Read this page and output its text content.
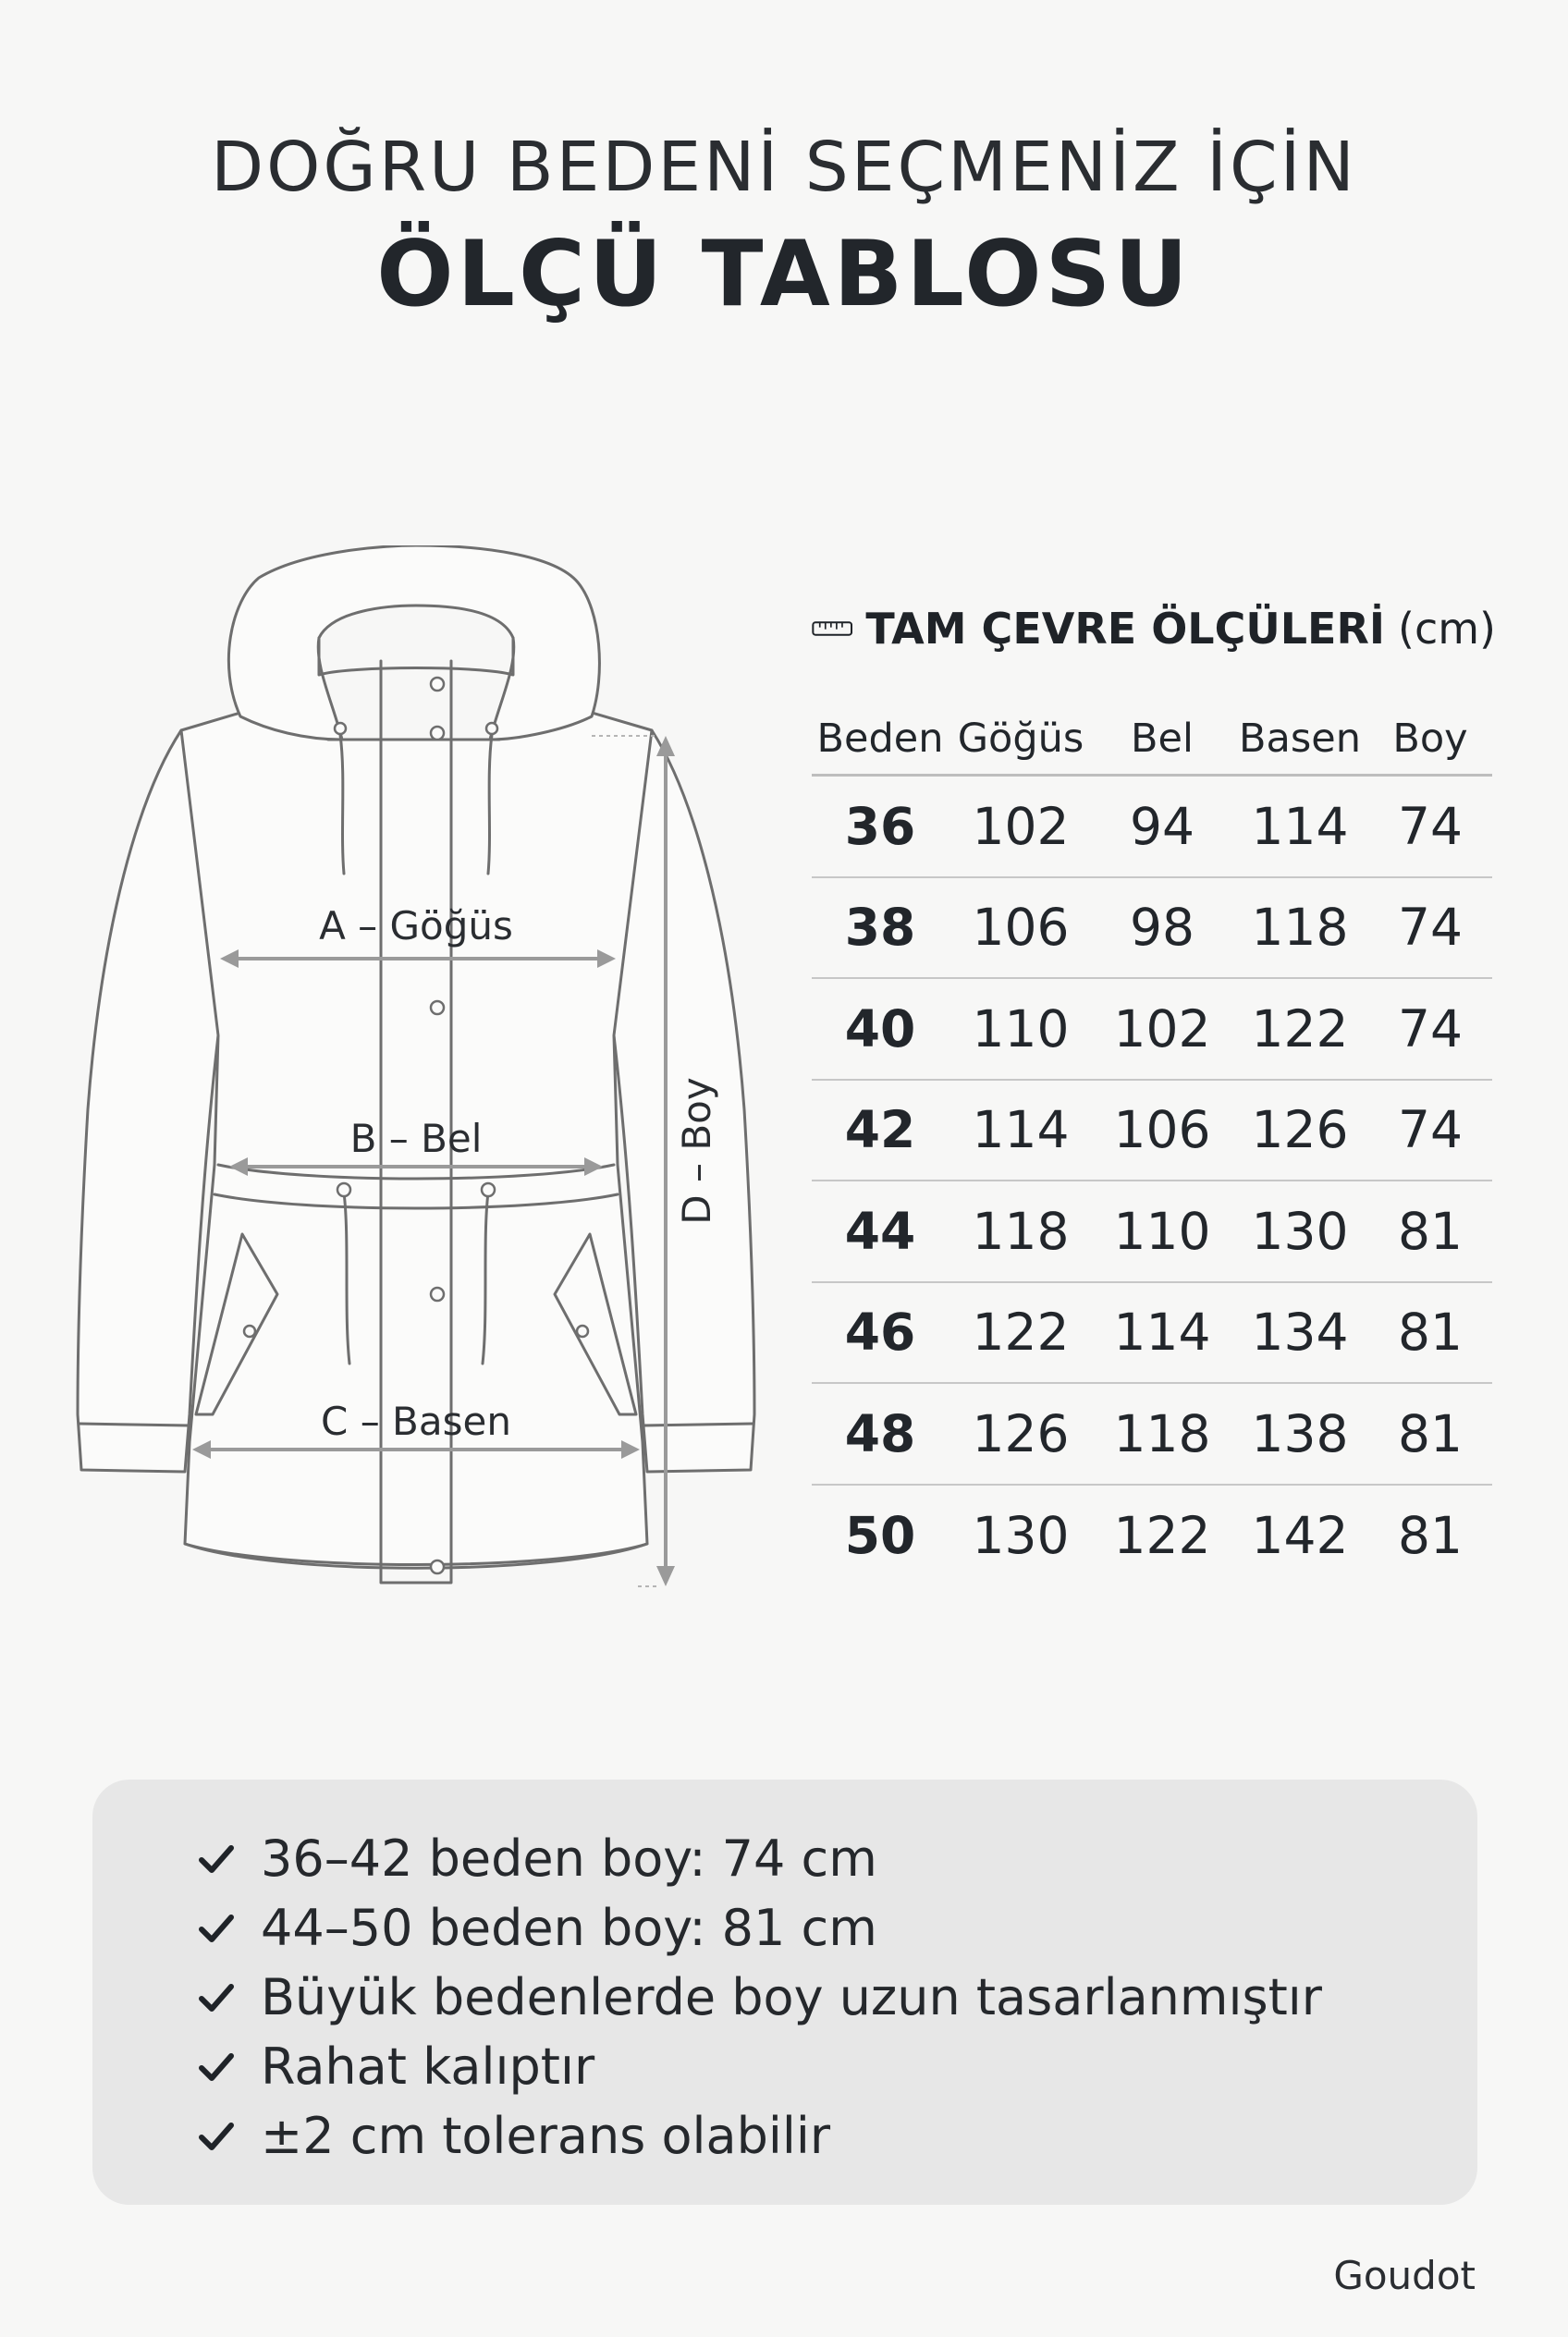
DOĞRU BEDENİ SEÇMENİZ İÇİN
ÖLÇÜ TABLOSU
A – Göğüs
B – Bel
C – Basen
D – Boy
TAM ÇEVRE ÖLÇÜLERİ (cm)
Beden Göğüs	Bel	Basen Boy
36	102	94	114 74
38	106	98	118 74
40	110 102 122 74
42	114 106 126 74
44	118 110 130 81
46	122 114 134 81
48	126 118 138 81
50	130 122 142 81
36–42 beden boy: 74 cm
44–50 beden boy: 81 cm
Büyük bedenlerde boy uzun tasarlanmıştır
Rahat kalıptır
±2 cm tolerans olabilir
Goudot
